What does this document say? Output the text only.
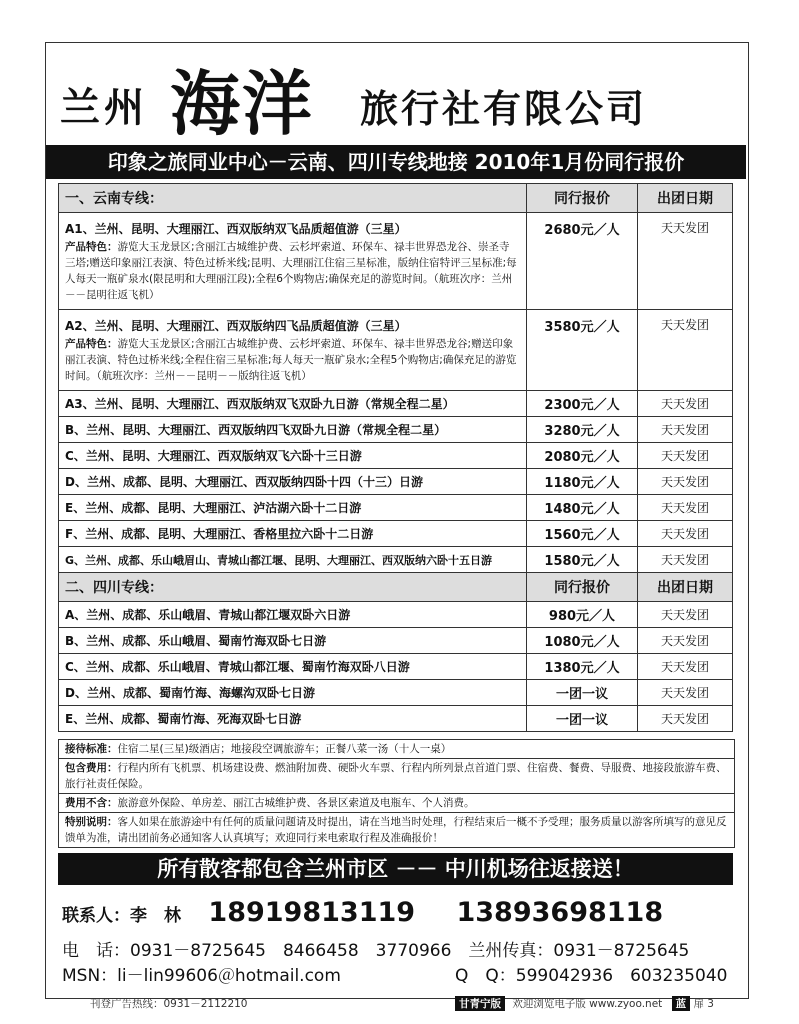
兰州 海洋 旅行社有限公司
印象之旅同业中心－云南、四川专线地接 2010年1月份同行报价
一、云南专线：	同行报价	出团日期

A1、兰州、昆明、大理丽江、西双版纳双飞品质超值游（三星）
产品特色：游览大玉龙景区;含丽江古城维护费、云杉坪索道、环保车、禄丰世界恐龙谷、崇圣寺三塔;赠送印象丽江表演、特色过桥米线;昆明、大理丽江住宿三星标准，版纳住宿特评三星标准;每人每天一瓶矿泉水(限昆明和大理丽江段);全程6个购物店;确保充足的游览时间。（航班次序：兰州－－昆明往返飞机）	2680元／人	天天发团

A2、兰州、昆明、大理丽江、西双版纳四飞品质超值游（三星）
产品特色：游览大玉龙景区;含丽江古城维护费、云杉坪索道、环保车、禄丰世界恐龙谷;赠送印象丽江表演、特色过桥米线;全程住宿三星标准;每人每天一瓶矿泉水;全程5个购物店;确保充足的游览时间。（航班次序：兰州－－昆明－－版纳往返飞机）	3580元／人	天天发团
A3、兰州、昆明、大理丽江、西双版纳双飞双卧九日游（常规全程二星）	2300元／人	天天发团
B、兰州、昆明、大理丽江、西双版纳四飞双卧九日游（常规全程二星）	3280元／人	天天发团
C、兰州、昆明、大理丽江、西双版纳双飞六卧十三日游	2080元／人	天天发团
D、兰州、成都、昆明、大理丽江、西双版纳四卧十四（十三）日游	1180元／人	天天发团
E、兰州、成都、昆明、大理丽江、泸沽湖六卧十二日游	1480元／人	天天发团
F、兰州、成都、昆明、大理丽江、香格里拉六卧十二日游	1560元／人	天天发团
G、兰州、成都、乐山峨眉山、青城山都江堰、昆明、大理丽江、西双版纳六卧十五日游	1580元／人	天天发团
二、四川专线：	同行报价	出团日期
A、兰州、成都、乐山峨眉、青城山都江堰双卧六日游	980元／人	天天发团
B、兰州、成都、乐山峨眉、蜀南竹海双卧七日游	1080元／人	天天发团
C、兰州、成都、乐山峨眉、青城山都江堰、蜀南竹海双卧八日游	1380元／人	天天发团
D、兰州、成都、蜀南竹海、海螺沟双卧七日游	一团一议	天天发团
E、兰州、成都、蜀南竹海、死海双卧七日游	一团一议	天天发团
接待标准：住宿二星(三星)级酒店；地接段空调旅游车；正餐八菜一汤（十人一桌）
包含费用：行程内所有飞机票、机场建设费、燃油附加费、硬卧火车票、行程内所列景点首道门票、住宿费、餐费、导服费、地接段旅游车费、旅行社责任保险。
费用不含：旅游意外保险、单房差、丽江古城维护费、各景区索道及电瓶车、个人消费。
特别说明：客人如果在旅游途中有任何的质量问题请及时提出，请在当地当时处理，行程结束后一概不予受理；服务质量以游客所填写的意见反馈单为准，请出团前务必通知客人认真填写；欢迎同行来电索取行程及准确报价！
所有散客都包含兰州市区 －－ 中川机场往返接送！
联系人：李　林 18919813119 13893698118
电　话：0931－8725645　8466458　3770966　兰州传真：0931－8725645
MSN：li－lin99606＠hotmail.com	Q　Q：599042936　603235040
刊登广告热线：0931－2112210	甘青宁版 欢迎浏览电子版 www.zyoo.net 蓝 扉 3
